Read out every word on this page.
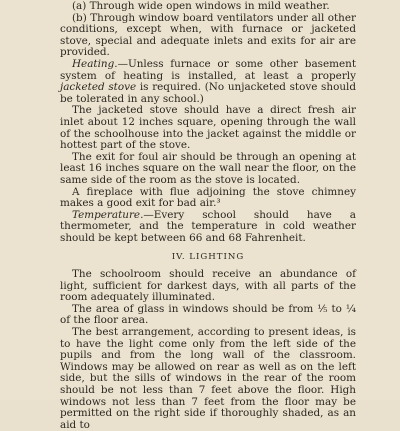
(a) Through wide open windows in mild weather.

(b) Through window board ventilators under all other conditions, except when, with furnace or jacketed stove, special and adequate inlets and exits for air are provided.

Heating.—Unless furnace or some other basement system of heating is installed, at least a properly jacketed stove is required. (No unjacketed stove should be tolerated in any school.)

The jacketed stove should have a direct fresh air inlet about 12 inches square, opening through the wall of the schoolhouse into the jacket against the middle or hottest part of the stove.

The exit for foul air should be through an opening at least 16 inches square on the wall near the floor, on the same side of the room as the stove is located.

A fireplace with flue adjoining the stove chimney makes a good exit for bad air.³

Temperature.—Every school should have a thermometer, and the temperature in cold weather should be kept between 66 and 68 Fahrenheit.

IV. LIGHTING

The schoolroom should receive an abundance of light, sufficient for darkest days, with all parts of the room adequately illuminated.

The area of glass in windows should be from ⅕ to ¼ of the floor area.

The best arrangement, according to present ideas, is to have the light come only from the left side of the pupils and from the long wall of the classroom. Windows may be allowed on rear as well as on the left side, but the sills of windows in the rear of the room should be not less than 7 feet above the floor. High windows not less than 7 feet from the floor may be permitted on the right side if thoroughly shaded, as an aid to
